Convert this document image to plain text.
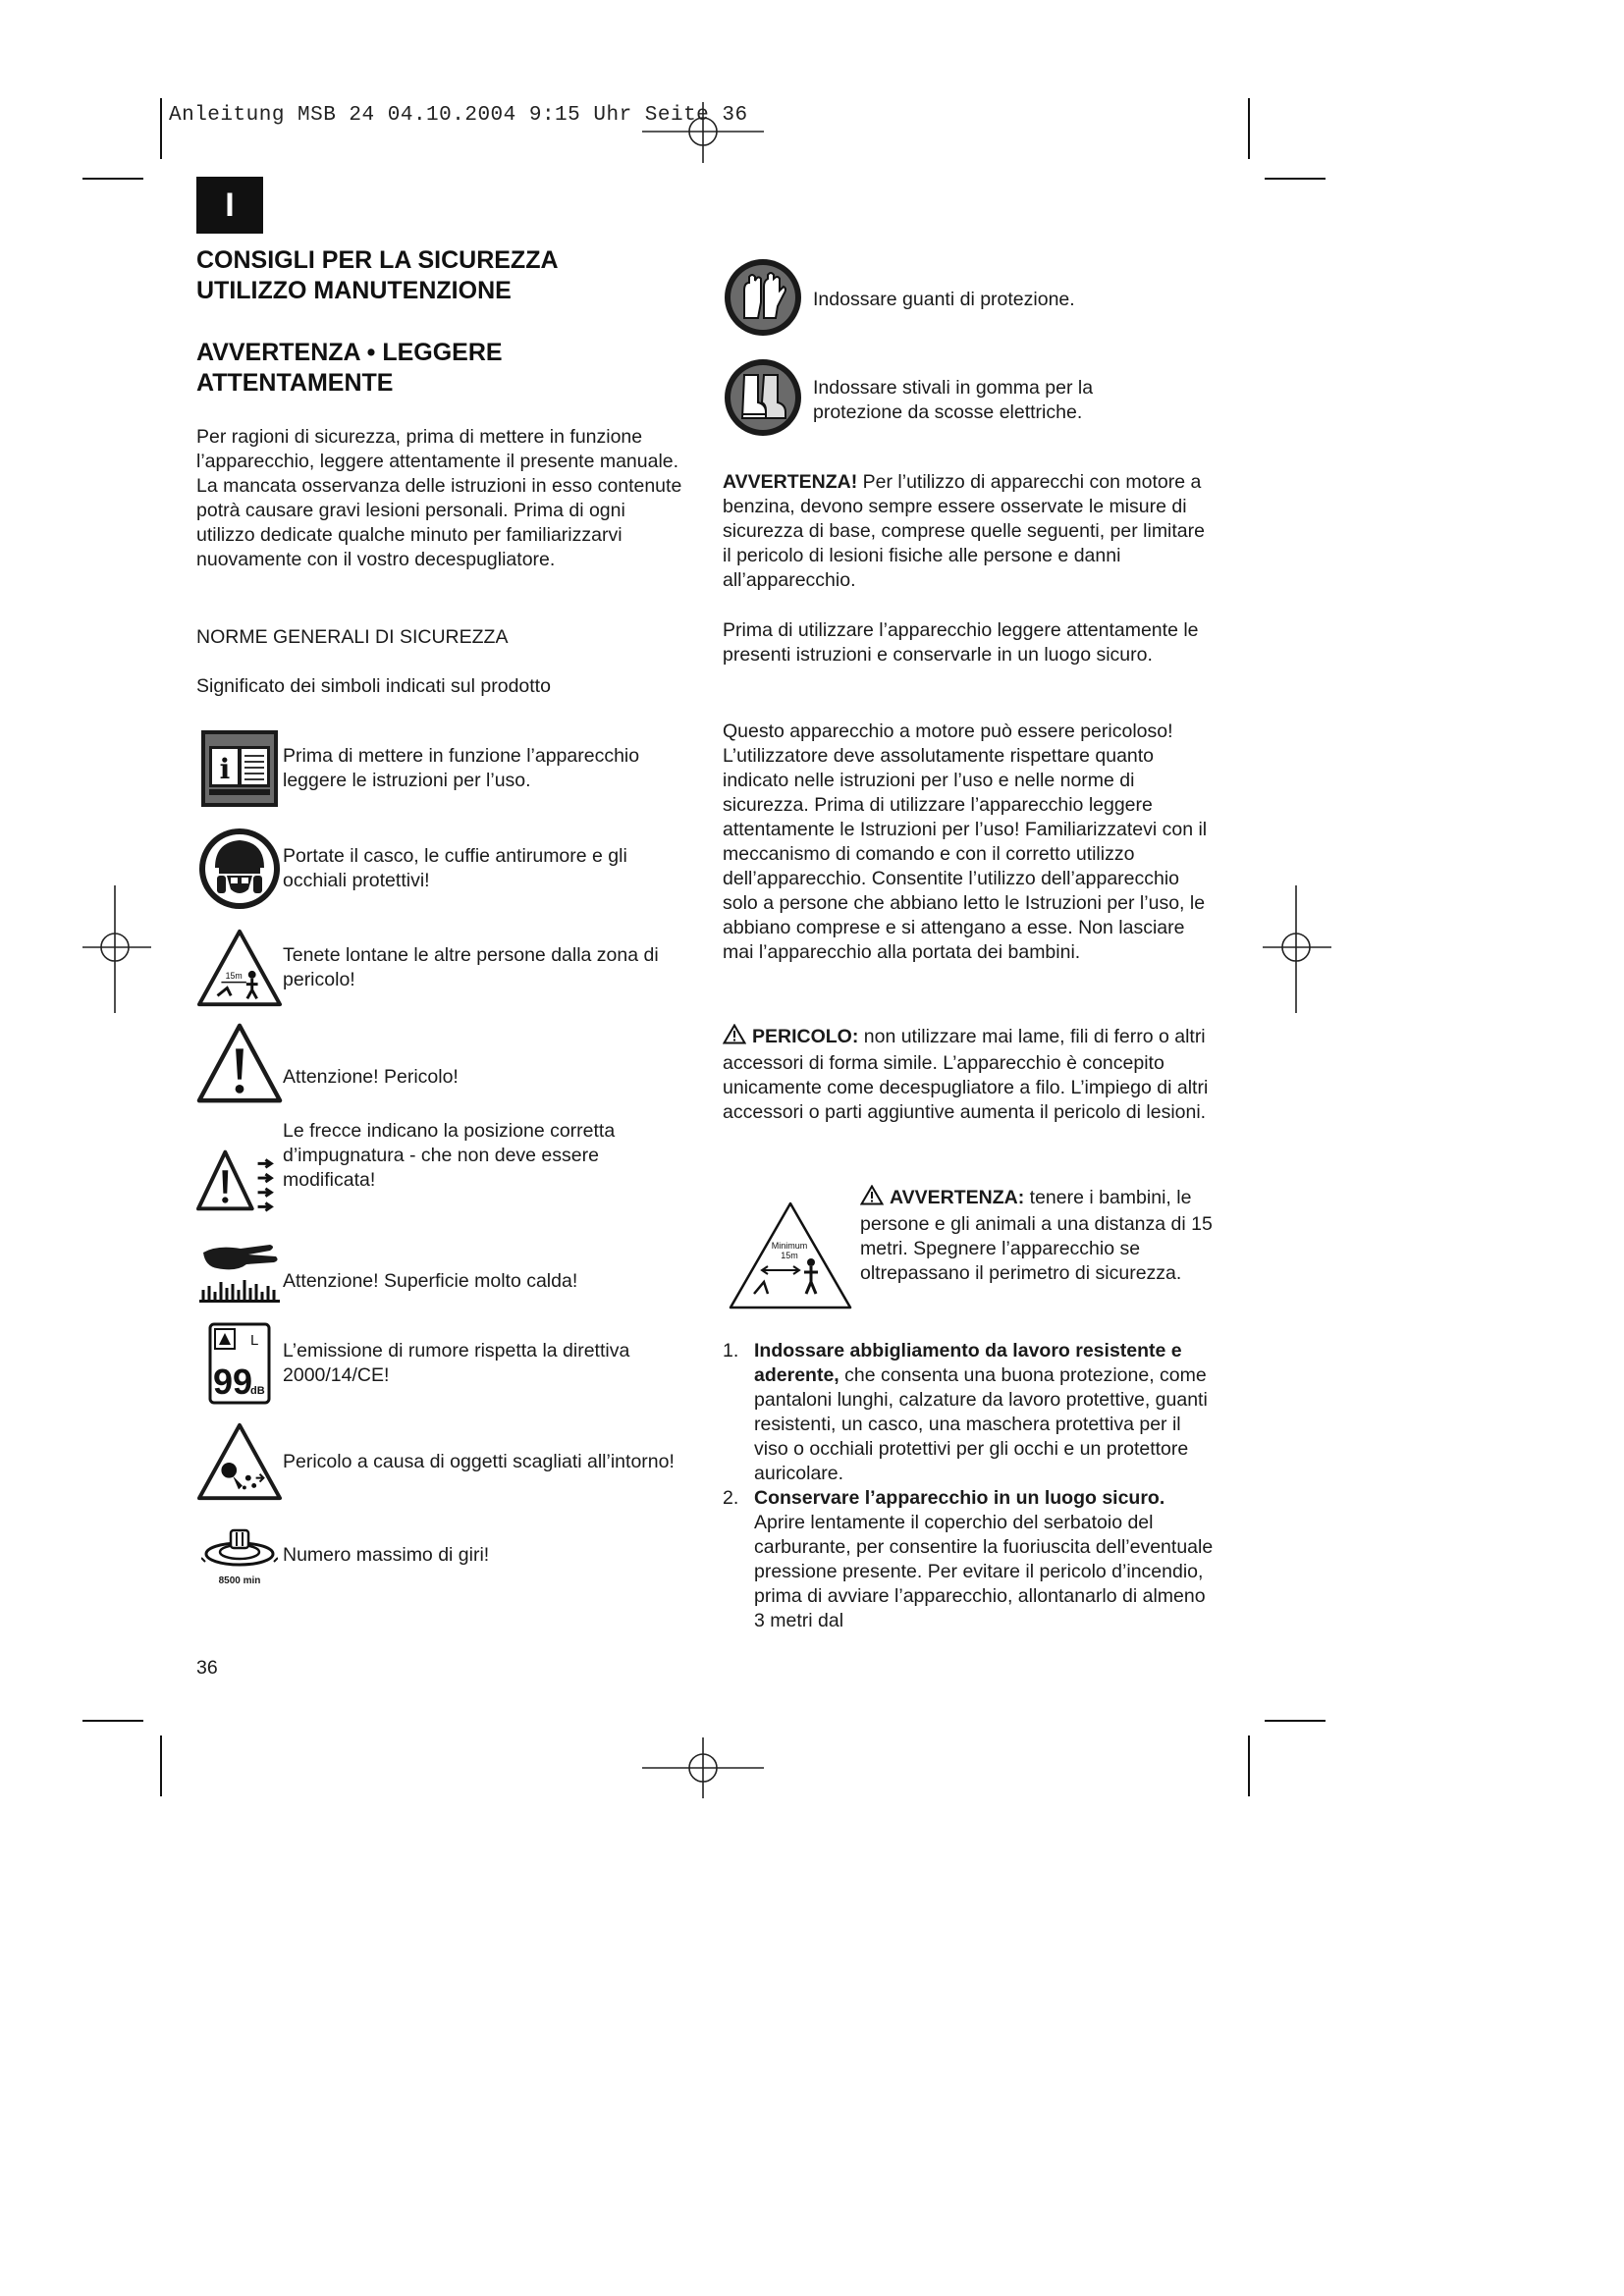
Anleitung MSB 24 04.10.2004 9:15 Uhr Seite 36
I
CONSIGLI PER LA SICUREZZA UTILIZZO MANUTENZIONE
AVVERTENZA • LEGGERE ATTENTAMENTE
Per ragioni di sicurezza, prima di mettere in funzione l’apparecchio, leggere attentamente il presente manuale. La mancata osservanza delle istruzioni in esso contenute potrà causare gravi lesioni personali. Prima di ogni utilizzo dedicate qualche minuto per familiarizzarvi nuovamente con il vostro decespugliatore.
NORME GENERALI DI SICUREZZA
Significato dei simboli indicati sul prodotto
i	Prima di mettere in funzione l’apparecchio leggere le istruzioni per l’uso.
Portate il casco, le cuffie antirumore e gli occhiali protettivi!
15m
Tenete lontane le altre persone dalla zona di pericolo!
Attenzione! Pericolo!
Le frecce indicano la posizione corretta d’impugnatura - che non deve essere modificata!
Attenzione! Superficie molto calda!
L
99
dB
L’emissione di rumore rispetta la direttiva 2000/14/CE!
Pericolo a causa di oggetti scagliati all’intorno!
8500 min
Numero massimo di giri!
36
Indossare guanti di protezione.
Indossare stivali in gomma per la protezione da scosse elettriche.
AVVERTENZA! Per l’utilizzo di apparecchi con motore a benzina, devono sempre essere osservate le misure di sicurezza di base, comprese quelle seguenti, per limitare il pericolo di lesioni fisiche alle persone e danni all’apparecchio.
Prima di utilizzare l’apparecchio leggere attentamente le presenti istruzioni e conservarle in un luogo sicuro.
Questo apparecchio a motore può essere pericoloso! L’utilizzatore deve assolutamente rispettare quanto indicato nelle istruzioni per l’uso e nelle norme di sicurezza. Prima di utilizzare l’apparecchio leggere attentamente le Istruzioni per l’uso! Familiarizzatevi con il meccanismo di comando e con il corretto utilizzo dell’apparecchio. Consentite l’utilizzo dell’apparecchio solo a persone che abbiano letto le Istruzioni per l’uso, le abbiano comprese e si attengano a esse. Non lasciare mai l’apparecchio alla portata dei bambini.
PERICOLO: non utilizzare mai lame, fili di ferro o altri accessori di forma simile. L’apparecchio è concepito unicamente come decespugliatore a filo. L’impiego di altri accessori o parti aggiuntive aumenta il pericolo di lesioni.
Minimum
15m
AVVERTENZA: tenere i bambini, le persone e gli animali a una distanza di 15 metri. Spegnere l’apparecchio se oltrepassano il perimetro di sicurezza.
1. Indossare abbigliamento da lavoro resistente e aderente, che consenta una buona protezione, come pantaloni lunghi, calzature da lavoro protettive, guanti resistenti, un casco, una maschera protettiva per il viso o occhiali protettivi per gli occhi e un protettore auricolare.
2. Conservare l’apparecchio in un luogo sicuro. Aprire lentamente il coperchio del serbatoio del carburante, per consentire la fuoriuscita dell’eventuale pressione presente. Per evitare il pericolo d’incendio, prima di avviare l’apparecchio, allontanarlo di almeno 3 metri dal
